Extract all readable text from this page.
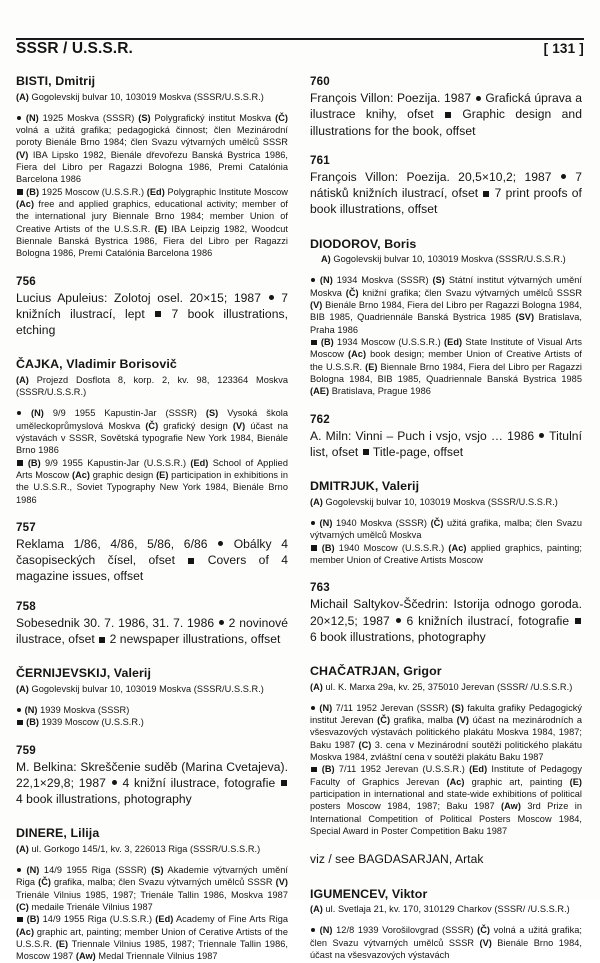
SSSR / U.S.S.R.	[ 131 ]
BISTI, Dmitrij

(A) Gogolevskij bulvar 10, 103019 Moskva (SSSR/U.S.S.R.)

(N) 1925 Moskva (SSSR) (S) Polygrafický institut Moskva (Č) volná a užitá grafika; pedagogická činnost; člen Mezinárodní poroty Bienále Brno 1984; člen Svazu výtvarných umělců SSSR (V) IBA Lipsko 1982, Bienále dřevořezu Banská Bystrica 1986, Fiera del Libro per Ragazzi Bologna 1986, Premi Catalónia Barcelona 1986

(B) 1925 Moscow (U.S.S.R.) (Ed) Polygraphic Institute Moscow (Ac) free and applied graphics, educational activity; member of the international jury Biennale Brno 1984; member Union of Creative Artists of the U.S.S.R. (E) IBA Leipzig 1982, Woodcut Biennale Banská Bystrica 1986, Fiera del Libro per Ragazzi Bologna 1986, Premi Catalónia Barcelona 1986

756

Lucius Apuleius: Zolotoj osel. 20×15; 1987 7 knižních ilustrací, lept 7 book illustrations, etching

ČAJKA, Vladimir Borisovič

(A) Projezd Dosflota 8, korp. 2, kv. 98, 123364 Moskva (SSSR/U.S.S.R.)

(N) 9/9 1955 Kapustin-Jar (SSSR) (S) Vysoká škola uměleckoprůmyslová Moskva (Č) grafický design (V) účast na výstavách v SSSR, Sovětská typografie New York 1984, Bienále Brno 1986

(B) 9/9 1955 Kapustin-Jar (U.S.S.R.) (Ed) School of Applied Arts Moscow (Ac) graphic design (E) participation in exhibitions in the U.S.S.R., Soviet Typography New York 1984, Bienále Brno 1986

757

Reklama 1/86, 4/86, 5/86, 6/86 Obálky 4 časopiseckých čísel, ofset	Covers of 4 magazine issues, offset

758

Sobesednik 30. 7. 1986, 31. 7. 1986 2 novinové ilustrace, ofset 2 newspaper illustrations, offset

ČERNIJEVSKIJ, Valerij

(A) Gogolevskij bulvar 10, 103019 Moskva (SSSR/U.S.S.R.)

(N) 1939 Moskva (SSSR)

(B) 1939 Moscow (U.S.S.R.)

759

M. Belkina: Skreščenie suděb (Marina Cvetajeva). 22,1×29,8; 1987 4 knižní ilustrace, fotografie  4 book illustrations, photography

DINERE, Lilija

(A) ul. Gorkogo 145/1, kv. 3, 226013 Riga (SSSR/U.S.S.R.)

(N) 14/9 1955 Riga (SSSR) (S) Akademie výtvarných umění Riga (Č) grafika, malba; člen Svazu výtvarných umělců SSSR (V) Trienále Vilnius 1985, 1987; Trienále Tallin 1986, Moskva 1987 (C) medaile Trienále Vilnius 1987

(B) 14/9 1955 Riga (U.S.S.R.) (Ed) Academy of Fine Arts Riga (Ac) graphic art, painting; member Union of Cerative Artists of the U.S.S.R. (E) Triennale Vilnius 1985, 1987; Triennale Tallin 1986, Moscow 1987 (Aw) Medal Triennale Vilnius 1987

760

François Villon: Poezija. 1987 Grafická úprava a ilustrace knihy, ofset Graphic design and illustrations for the book, offset

761

François Villon: Poezija. 20,5×10,2; 1987 7 nátisků knižních ilustrací, ofset 7 print proofs of book illustrations, offset

DIODOROV, Boris

A) Gogolevskij bulvar 10, 103019 Moskva (SSSR/U.S.S.R.)

(N) 1934 Moskva (SSSR) (S) Státní institut výtvarných umění Moskva (Č) knižní grafika; člen Svazu výtvarných umělců SSSR (V) Bienále Brno 1984, Fiera del Libro per Ragazzi Bologna 1984, BIB 1985, Quadriennále Banská Bystrica 1985 (SV) Bratislava, Praha 1986

(B) 1934 Moscow (U.S.S.R.) (Ed) State Institute of Visual Arts Moscow (Ac) book design; member Union of Creative Artists of the U.S.S.R. (E) Biennale Brno 1984, Fiera del Libro per Ragazzi Bologna 1984, BIB 1985, Quadriennale Banská Bystrica 1985 (AE) Bratislava, Prague 1986

762

A. Miln: Vinni – Puch i vsjo, vsjo … 1986 Titulní list, ofset Title-page, offset

DMITRJUK, Valerij

(A) Gogolevskij bulvar 10, 103019 Moskva (SSSR/U.S.S.R.)

(N) 1940 Moskva (SSSR) (Č) užitá grafika, malba; člen Svazu výtvarných umělců Moskva

(B) 1940 Moscow (U.S.S.R.) (Ac) applied graphics, painting; member Union of Creative Artists Moscow

763

Michail Saltykov-Ščedrin: Istorija odnogo goroda. 20×12,5; 1987 6 knižních ilustrací, fotografie  6 book illustrations, photography

CHAČATRJAN, Grigor

(A) ul. K. Marxa 29a, kv. 25, 375010 Jerevan (SSSR/ /U.S.S.R.)

(N) 7/11 1952 Jerevan (SSSR) (S) fakulta grafiky Pedagogický institut Jerevan (Č) grafika, malba (V) účast na mezinárodních a všesvazových výstavách politického plakátu Moskva 1984, 1987; Baku 1987 (C) 3. cena v Mezinárodní soutěži politického plakátu Moskva 1984, zvláštní cena v soutěži plakátu Baku 1987

(B) 7/11 1952 Jerevan (U.S.S.R.) (Ed) Institute of Pedagogy Faculty of Graphics Jerevan (Ac) graphic art, painting (E) participation in international and state-wide exhibitions of political posters Moscow 1984, 1987; Baku 1987 (Aw) 3rd Prize in International Competition of Political Posters Moscow 1984, Special Award in Poster Competition Baku 1987

viz / see BAGDASARJAN, Artak

IGUMENCEV, Viktor

(A) ul. Svetlaja 21, kv. 170, 310129 Charkov (SSSR/ /U.S.S.R.)

(N) 12/8 1939 Vorošilovgrad (SSSR) (Č) volná a užitá grafika; člen Svazu výtvarných umělců SSSR (V) Bienále Brno 1984, účast na všesvazových výstavách
